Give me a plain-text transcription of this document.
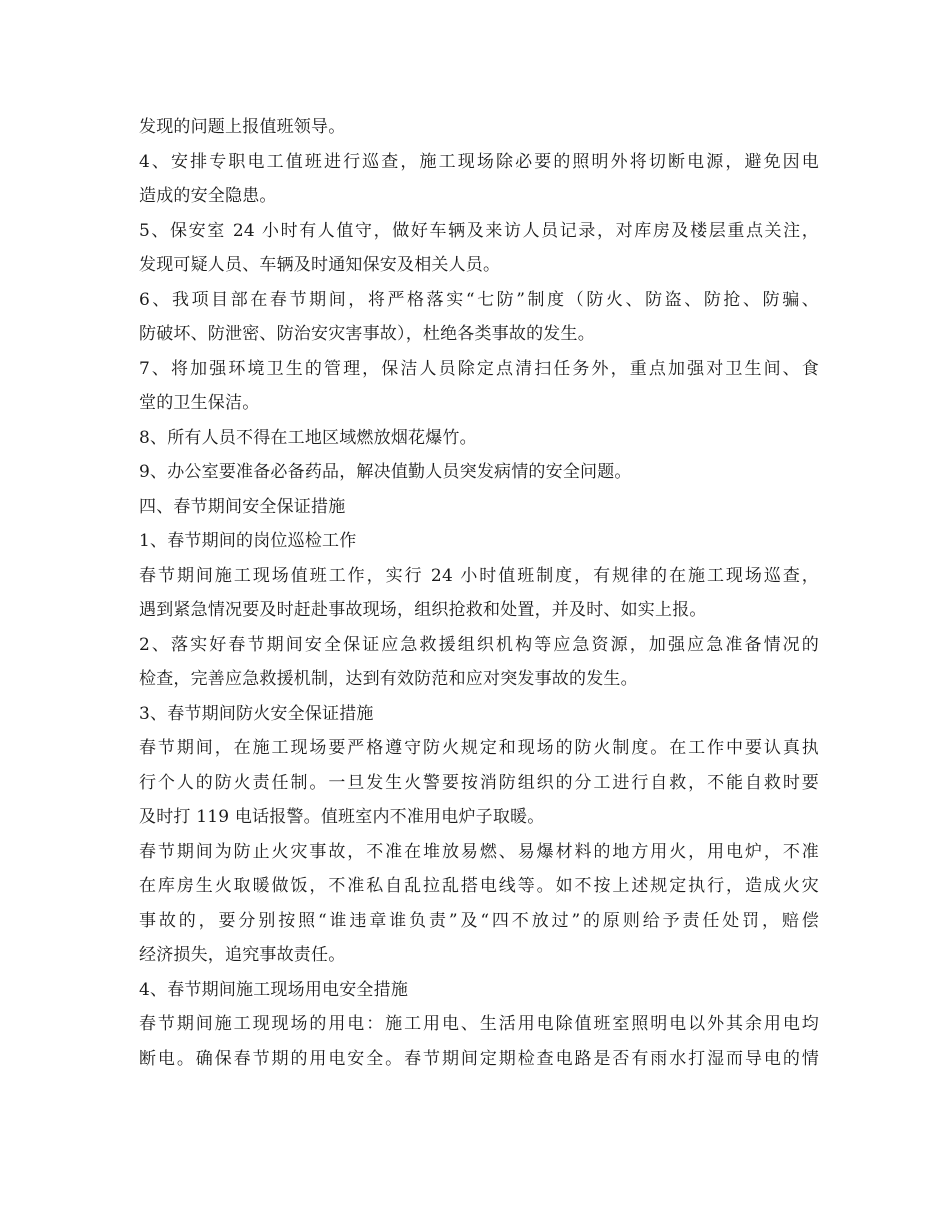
发现的问题上报值班领导。
4、安排专职电工值班进行巡查，施工现场除必要的照明外将切断电源，避免因电
造成的安全隐患。
5、保安室 24 小时有人值守，做好车辆及来访人员记录，对库房及楼层重点关注，
发现可疑人员、车辆及时通知保安及相关人员。
6、我项目部在春节期间，将严格落实“七防”制度（防火、防盗、防抢、防骗、
防破坏、防泄密、防治安灾害事故），杜绝各类事故的发生。
7、将加强环境卫生的管理，保洁人员除定点清扫任务外，重点加强对卫生间、食
堂的卫生保洁。
8、所有人员不得在工地区域燃放烟花爆竹。
9、办公室要准备必备药品，解决值勤人员突发病情的安全问题。
四、春节期间安全保证措施
1、春节期间的岗位巡检工作
春节期间施工现场值班工作，实行 24 小时值班制度，有规律的在施工现场巡查，
遇到紧急情况要及时赶赴事故现场，组织抢救和处置，并及时、如实上报。
2、落实好春节期间安全保证应急救援组织机构等应急资源，加强应急准备情况的
检查，完善应急救援机制，达到有效防范和应对突发事故的发生。
3、春节期间防火安全保证措施
春节期间，在施工现场要严格遵守防火规定和现场的防火制度。在工作中要认真执
行个人的防火责任制。一旦发生火警要按消防组织的分工进行自救，不能自救时要
及时打 119 电话报警。值班室内不准用电炉子取暖。
春节期间为防止火灾事故，不准在堆放易燃、易爆材料的地方用火，用电炉，不准
在库房生火取暖做饭，不准私自乱拉乱搭电线等。如不按上述规定执行，造成火灾
事故的，要分别按照“谁违章谁负责”及“四不放过”的原则给予责任处罚，赔偿
经济损失，追究事故责任。
4、春节期间施工现场用电安全措施
春节期间施工现现场的用电：施工用电、生活用电除值班室照明电以外其余用电均
断电。确保春节期的用电安全。春节期间定期检查电路是否有雨水打湿而导电的情
